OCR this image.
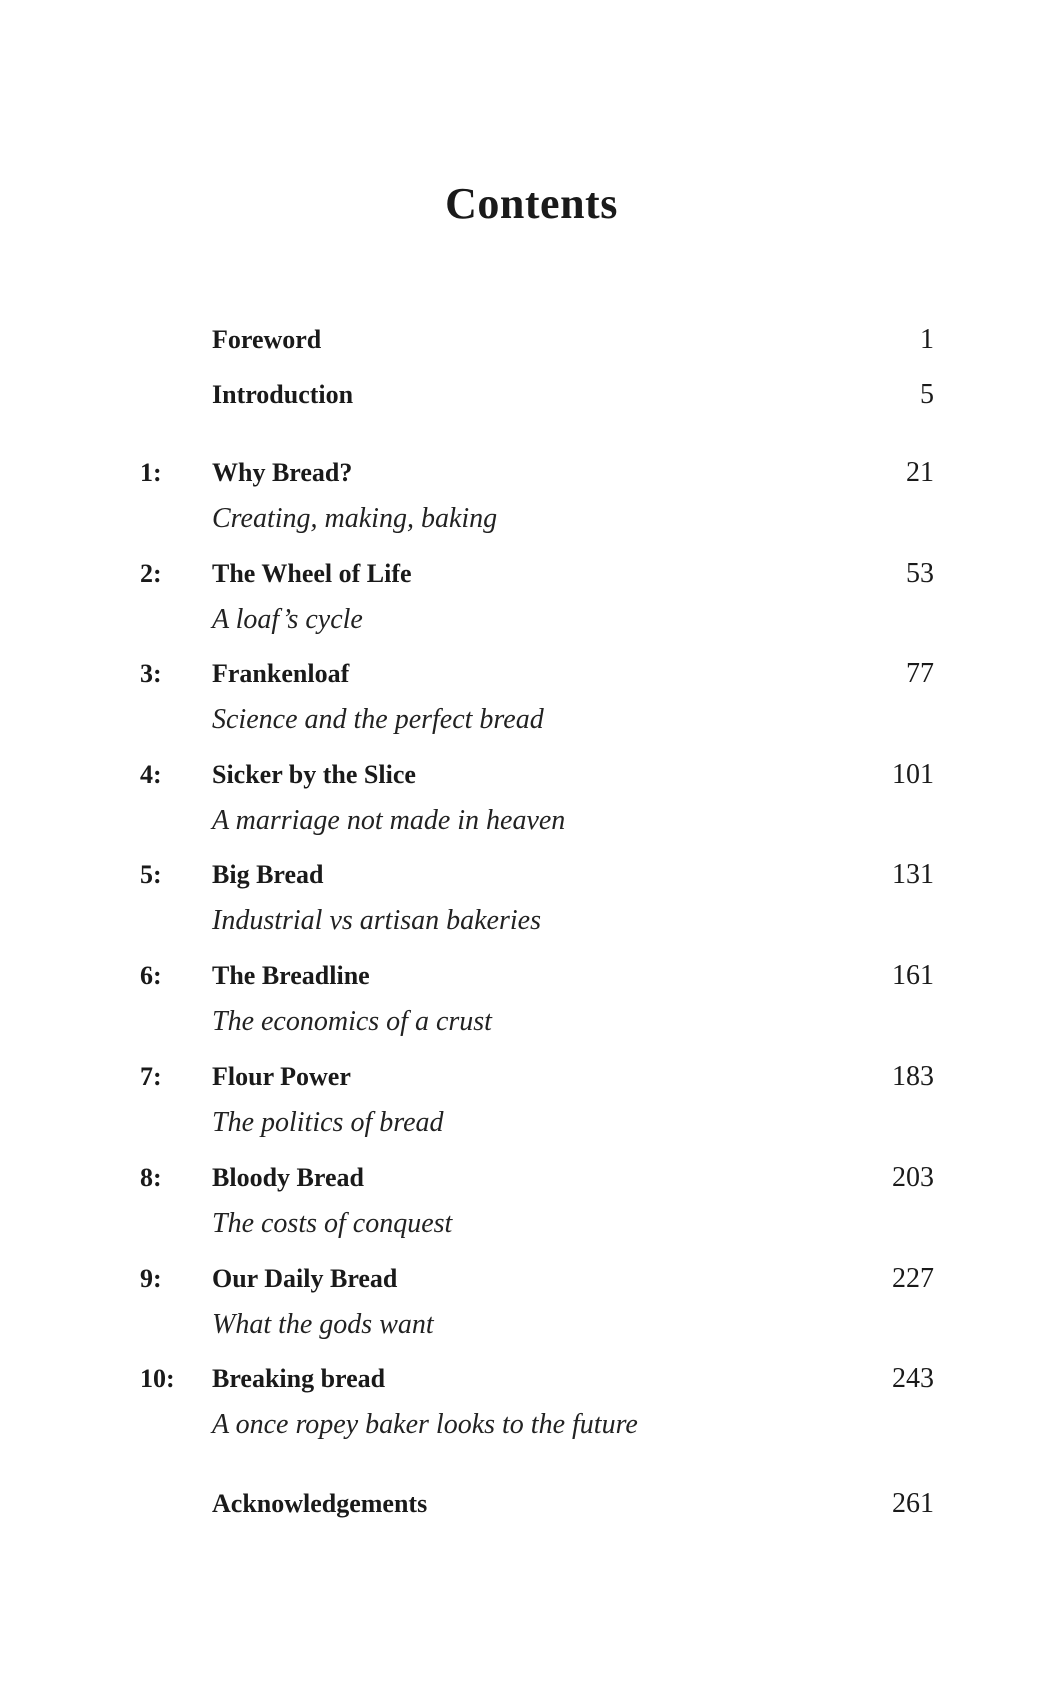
Contents
Foreword	1
Introduction	5
1: Why Bread?	21
Creating, making, baking
2: The Wheel of Life	53
A loaf’s cycle
3: Frankenloaf	77
Science and the perfect bread
4: Sicker by the Slice	101
A marriage not made in heaven
5: Big Bread	131
Industrial vs artisan bakeries
6: The Breadline	161
The economics of a crust
7: Flour Power	183
The politics of bread
8: Bloody Bread	203
The costs of conquest
9: Our Daily Bread	227
What the gods want
10: Breaking bread	243
A once ropey baker looks to the future
Acknowledgements	261
